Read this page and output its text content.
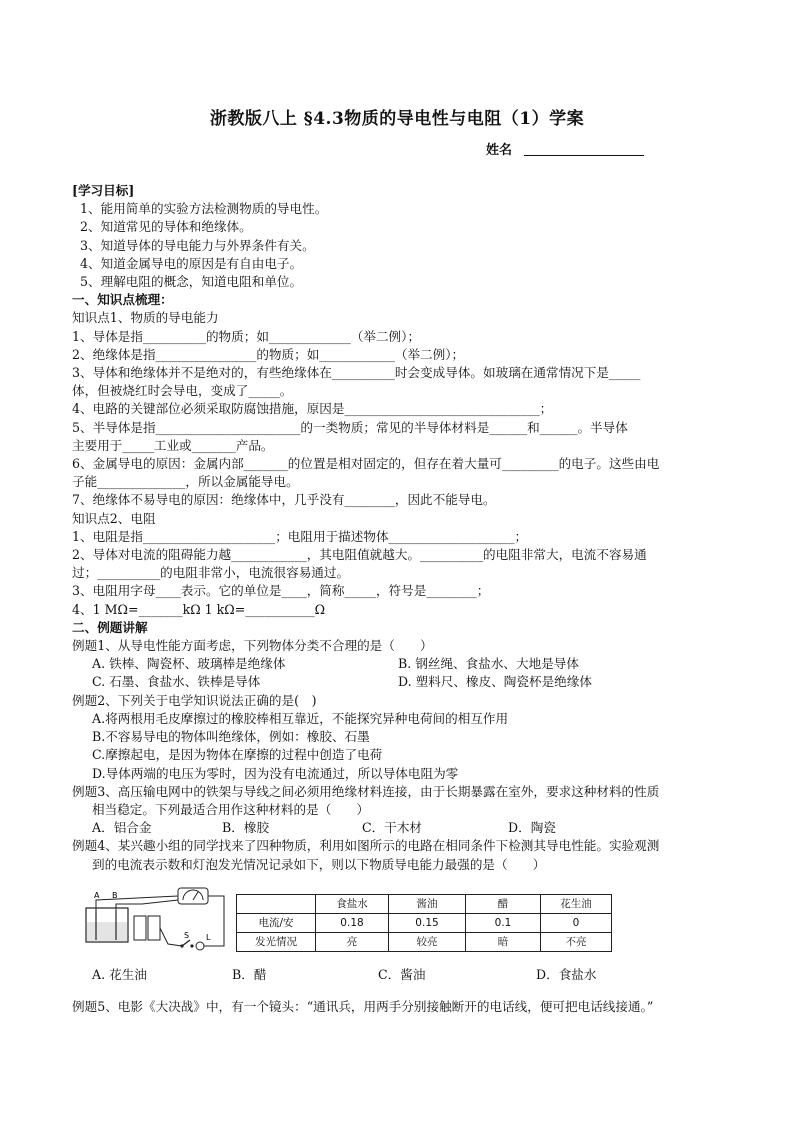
浙教版八上 §4.3物质的导电性与电阻（1）学案
姓名
[学习目标]
1、能用简单的实验方法检测物质的导电性。
2、知道常见的导体和绝缘体。
3、知道导体的导电能力与外界条件有关。
4、知道金属导电的原因是有自由电子。
5、理解电阻的概念，知道电阻和单位。
一、知识点梳理：
知识点1、物质的导电能力
1、导体是指__________的物质；如_____________（举二例）；
2、绝缘体是指________________的物质；如____________（举二例）；
3、导体和绝缘体并不是绝对的，有些绝缘体在__________时会变成导体。如玻璃在通常情况下是_____
体，但被烧红时会导电，变成了_____。
4、电路的关键部位必须采取防腐蚀措施，原因是_______________________________；
5、半导体是指_______________________的一类物质；常见的半导体材料是______和______。半导体
主要用于_____工业或_______产品。
6、金属导电的原因：金属内部_______的位置是相对固定的，但存在着大量可_________的电子。这些由电
子能______________，所以金属能导电。
7、绝缘体不易导电的原因：绝缘体中，几乎没有________，因此不能导电。
知识点2、电阻
1、电阻是指_____________________；电阻用于描述物体____________________；
2、导体对电流的阻碍能力越____________，其电阻值就越大。__________的电阻非常大，电流不容易通
过；__________的电阻非常小，电流很容易通过。
3、电阻用字母____表示。它的单位是____，简称_____，符号是________；
4、1 MΩ=_______kΩ 1 kΩ=___________Ω
二、例题讲解
例题1、从导电性能方面考虑，下列物体分类不合理的是（　　）
A. 铁棒、陶瓷杯、玻璃棒是绝缘体	B. 钢丝绳、食盐水、大地是导体
C. 石墨、食盐水、铁棒是导体	D. 塑料尺、橡皮、陶瓷杯是绝缘体
例题2、下列关于电学知识说法正确的是(　)
A.将两根用毛皮摩擦过的橡胶棒相互靠近，不能探究异种电荷间的相互作用
B.不容易导电的物体叫绝缘体，例如：橡胶、石墨
C.摩擦起电，是因为物体在摩擦的过程中创造了电荷
D.导体两端的电压为零时，因为没有电流通过，所以导体电阻为零
例题3、高压输电网中的铁架与导线之间必须用绝缘材料连接，由于长期暴露在室外，要求这种材料的性质
相当稳定。下列最适合用作这种材料的是（　　）
A．铝合金	B．橡胶	C．干木材	D．陶瓷
例题4、某兴趣小组的同学找来了四种物质，利用如图所示的电路在相同条件下检测其导电性能。实验观测
到的电流表示数和灯泡发光情况记录如下，则以下物质导电能力最强的是（　　）
A B
S L
	食盐水	酱油	醋	花生油
电流/安	0.18	0.15	0.1	0
发光情况	亮	较亮	暗	不亮
A. 花生油	B．醋	C．酱油	D．食盐水
例题5、电影《大决战》中，有一个镜头：“通讯兵，用两手分别接触断开的电话线，便可把电话线接通。”
